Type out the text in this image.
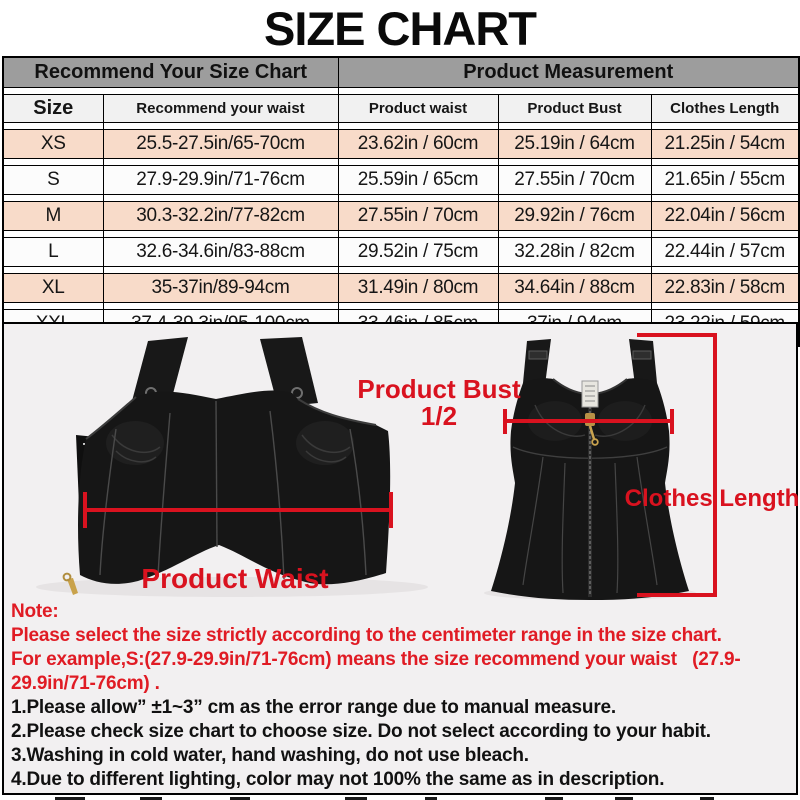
SIZE CHART
Recommend Your Size Chart		Product Measurement		

Size	Recommend your waist	Product waist	Product Bust	Clothes Length

XS	25.5-27.5in/65-70cm	23.62in / 60cm	25.19in / 64cm	21.25in / 54cm

S	27.9-29.9in/71-76cm	25.59in / 65cm	27.55in / 70cm	21.65in / 55cm

M	30.3-32.2in/77-82cm	27.55in / 70cm	29.92in / 76cm	22.04in / 56cm

L	32.6-34.6in/83-88cm	29.52in / 75cm	32.28in / 82cm	22.44in / 57cm

XL	35-37in/89-94cm	31.49in / 80cm	34.64in / 88cm	22.83in / 58cm

Product Bust
1/2
Product Waist
Clothes Length
Note:
Please select the size strictly according to the centimeter range in the size chart.
For example,S:(27.9-29.9in/71-76cm) means the size recommend your waist   (27.9-
29.9in/71-76cm) .
1.Please allow” ±1~3” cm as the error range due to manual measure.
2.Please check size chart to choose size. Do not select according to your habit.
3.Washing in cold water, hand washing, do not use bleach.
4.Due to different lighting, color may not 100% the same as in description.
